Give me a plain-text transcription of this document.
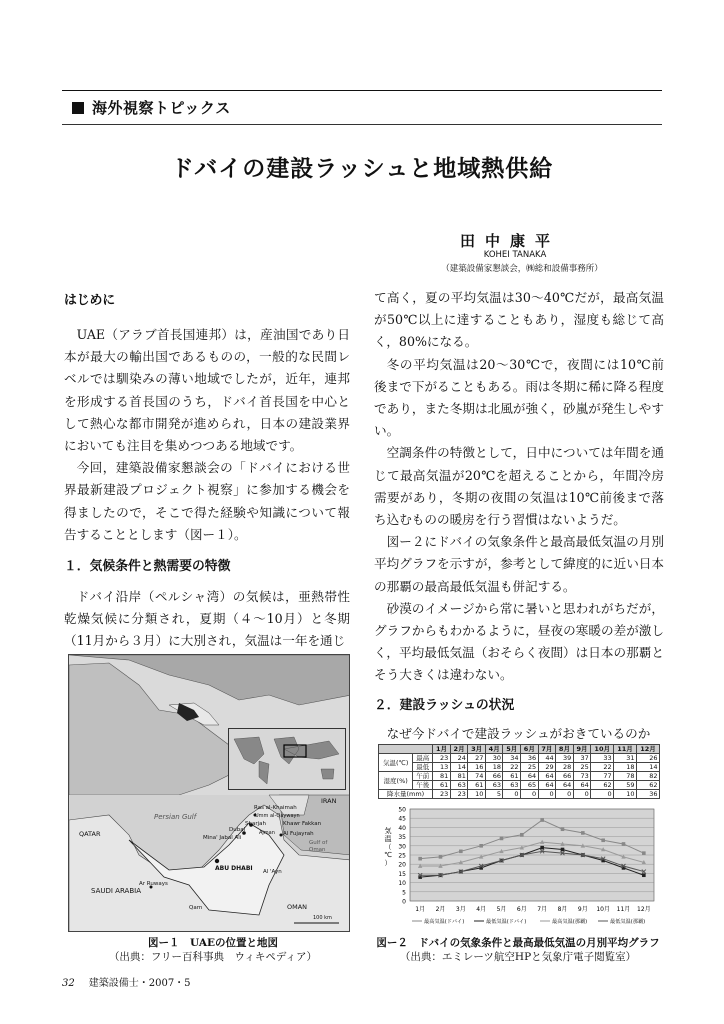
海外視察トピックス
ドバイの建設ラッシュと地域熱供給
田中康平
KOHEI TANAKA
（建築設備家懇談会，㈱総和設備事務所）
はじめに

UAE（アラブ首長国連邦）は，産油国であり日本が最大の輸出国であるものの，一般的な民間レベルでは馴染みの薄い地域でしたが，近年，連邦を形成する首長国のうち，ドバイ首長国を中心として熱心な都市開発が進められ，日本の建設業界においても注目を集めつつある地域です。

今回，建築設備家懇談会の「ドバイにおける世界最新建設プロジェクト視察」に参加する機会を得ましたので，そこで得た経験や知識について報告することとします（図ー１）。

１．気候条件と熱需要の特徴

ドバイ沿岸（ペルシャ湾）の気候は，亜熱帯性乾燥気候に分類され，夏期（４～10月）と冬期（11月から３月）に大別され，気温は一年を通じ

て高く，夏の平均気温は30～40℃だが，最高気温が50℃以上に達することもあり，湿度も総じて高く，80%になる。

冬の平均気温は20～30℃で，夜間には10℃前後まで下がることもある。雨は冬期に稀に降る程度であり，また冬期は北風が強く，砂嵐が発生しやすい。

空調条件の特徴として，日中については年間を通じて最高気温が20℃を超えることから，年間冷房需要があり，冬期の夜間の気温は10℃前後まで落ち込むものの暖房を行う習慣はないようだ。

図ー２にドバイの気象条件と最高最低気温の月別平均グラフを示すが，参考として緯度的に近い日本の那覇の最高最低気温も併記する。

砂漠のイメージから常に暑いと思われがちだが，グラフからもわかるように，昼夜の寒暖の差が激しく，平均最低気温（おそらく夜間）は日本の那覇とそう大きくは違わない。

２．建設ラッシュの状況

なぜ今ドバイで建設ラッシュがおきているのか

Persian Gulf
Gulf of Oman
IRAN
QATAR
SAUDI ARABIA
OMAN
Dubai
Sharjah
ABU DHABI
Al Fujayrah
Khawr Fakkan
Mina' Jabal Ali
Ras al-Khaimah
Umm al-Qaywayn
Ajman
Ar Ruways
Al 'Ayn
Qarn
100 km
		1月	2月	3月	4月	5月	6月	7月	8月	9月	10月	11月	12月
気温(℃)	最高	23	24	27	30	34	36	44	39	37	33	31	26
	最低	13	14	16	18	22	25	29	28	25	22	18	14
湿度(%)	午前	81	81	74	66	61	64	64	66	73	77	78	82
	午後	61	63	61	63	63	65	64	64	64	62	59	62
降水量(mm)		23	23	10	5	0	0	0	0	0	0	10	36
0
5
10
15
20
25
30
35
40
45
50
1月 2月 3月 4月 5月 6月 7月 8月 9月 10月 11月 12月
気
温
（
℃
）
最高気温(ドバイ)	最低気温(ドバイ)	最高気温(那覇)	最低気温(那覇)
図ー１　UAEの位置と地図
（出典：フリー百科事典　ウィキペディア）
図ー２　ドバイの気象条件と最高最低気温の月別平均グラフ
（出典：エミレーツ航空HPと気象庁電子閲覧室）
32 建築設備士・2007・5
